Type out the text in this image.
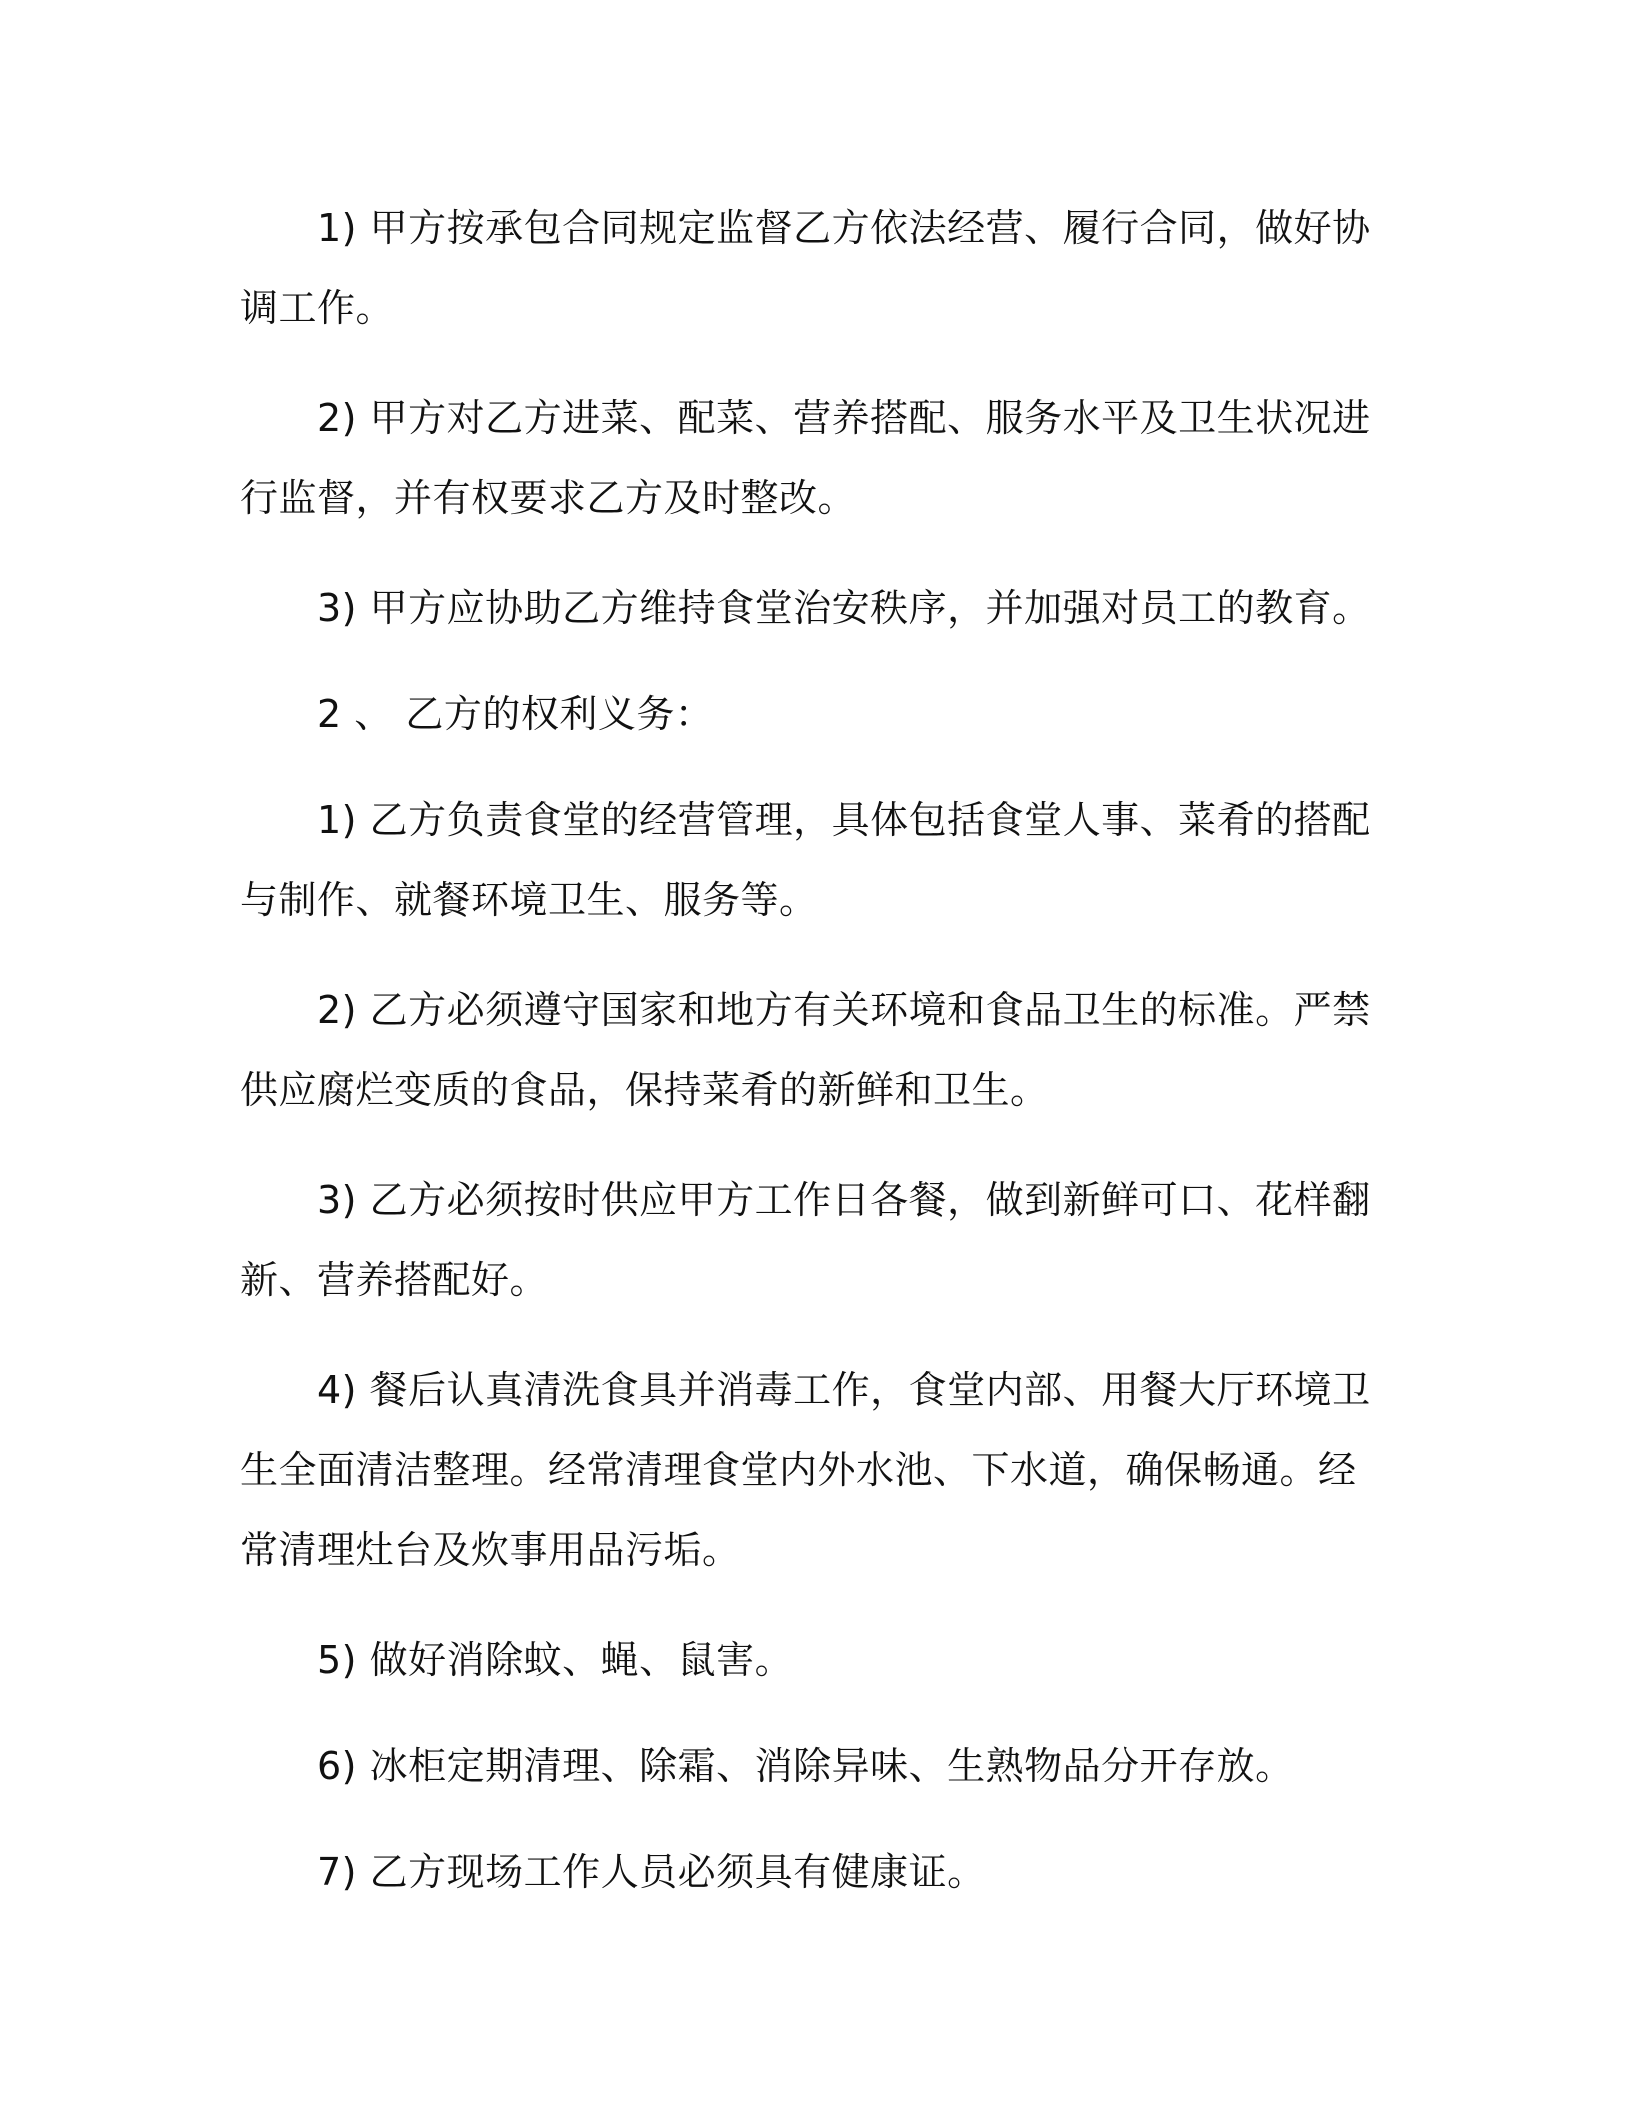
1) 甲方按承包合同规定监督乙方依法经营、履行合同，做好协调工作。

2) 甲方对乙方进菜、配菜、营养搭配、服务水平及卫生状况进行监督，并有权要求乙方及时整改。

3) 甲方应协助乙方维持食堂治安秩序，并加强对员工的教育。

2 、 乙方的权利义务：

1) 乙方负责食堂的经营管理，具体包括食堂人事、菜肴的搭配与制作、就餐环境卫生、服务等。

2) 乙方必须遵守国家和地方有关环境和食品卫生的标准。严禁供应腐烂变质的食品，保持菜肴的新鲜和卫生。

3) 乙方必须按时供应甲方工作日各餐，做到新鲜可口、花样翻新、营养搭配好。

4) 餐后认真清洗食具并消毒工作，食堂内部、用餐大厅环境卫生全面清洁整理。经常清理食堂内外水池、下水道，确保畅通。经常清理灶台及炊事用品污垢。

5) 做好消除蚊、蝇、鼠害。

6) 冰柜定期清理、除霜、消除异味、生熟物品分开存放。

7) 乙方现场工作人员必须具有健康证。
